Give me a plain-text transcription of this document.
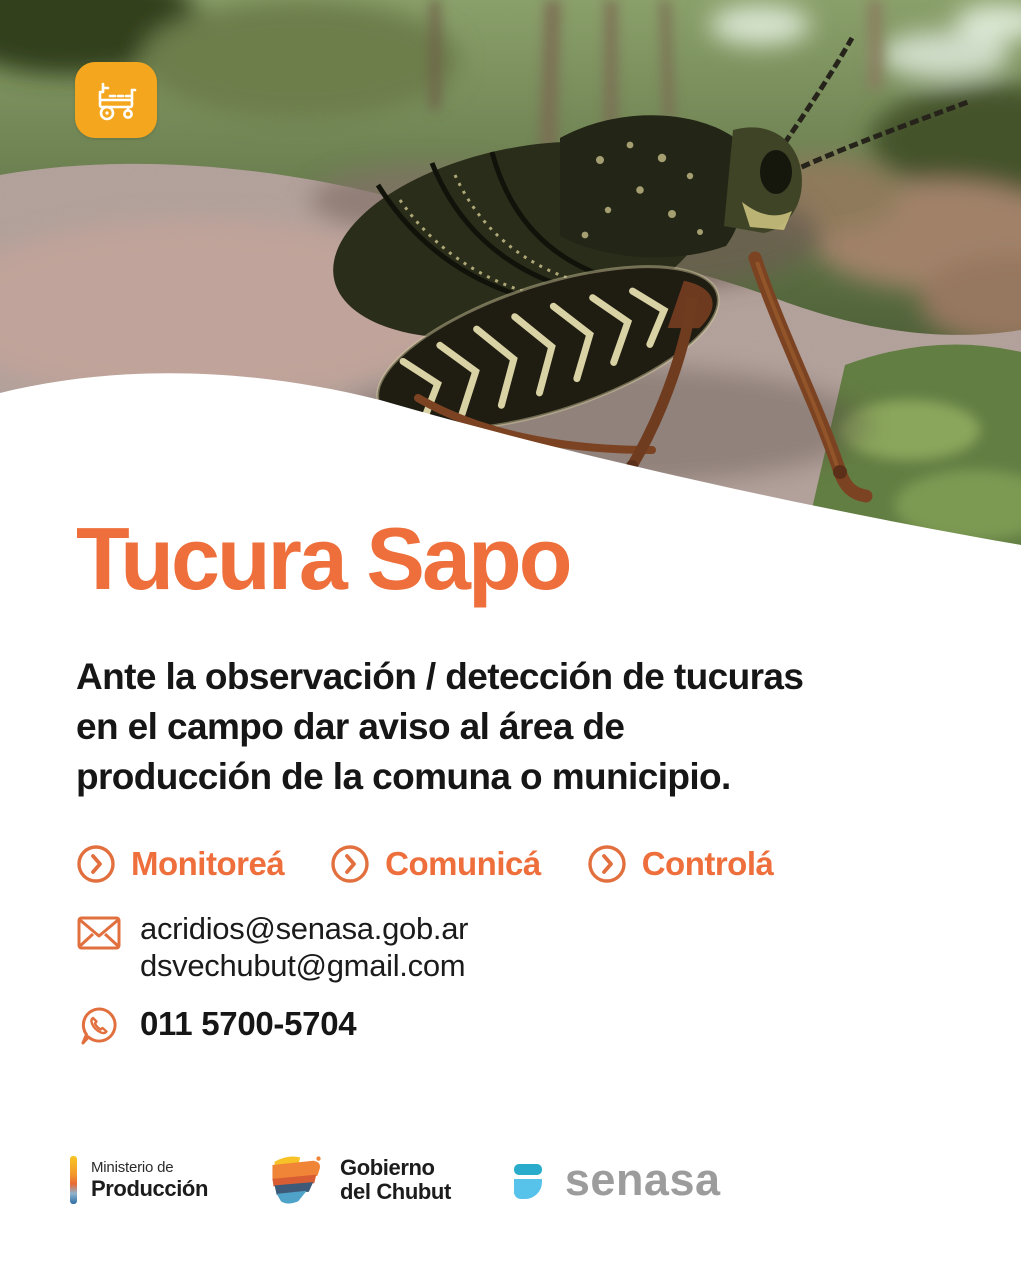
Tucura Sapo
Ante la observación / detección de tucuras
en el campo dar aviso al área de
producción de la comuna o municipio.
Monitoreá	Comunicá	Controlá
acridios@senasa.gob.ar
dsvechubut@gmail.com
011 5700-5704
Ministerio de
Producción
Gobierno
del Chubut	senasa
